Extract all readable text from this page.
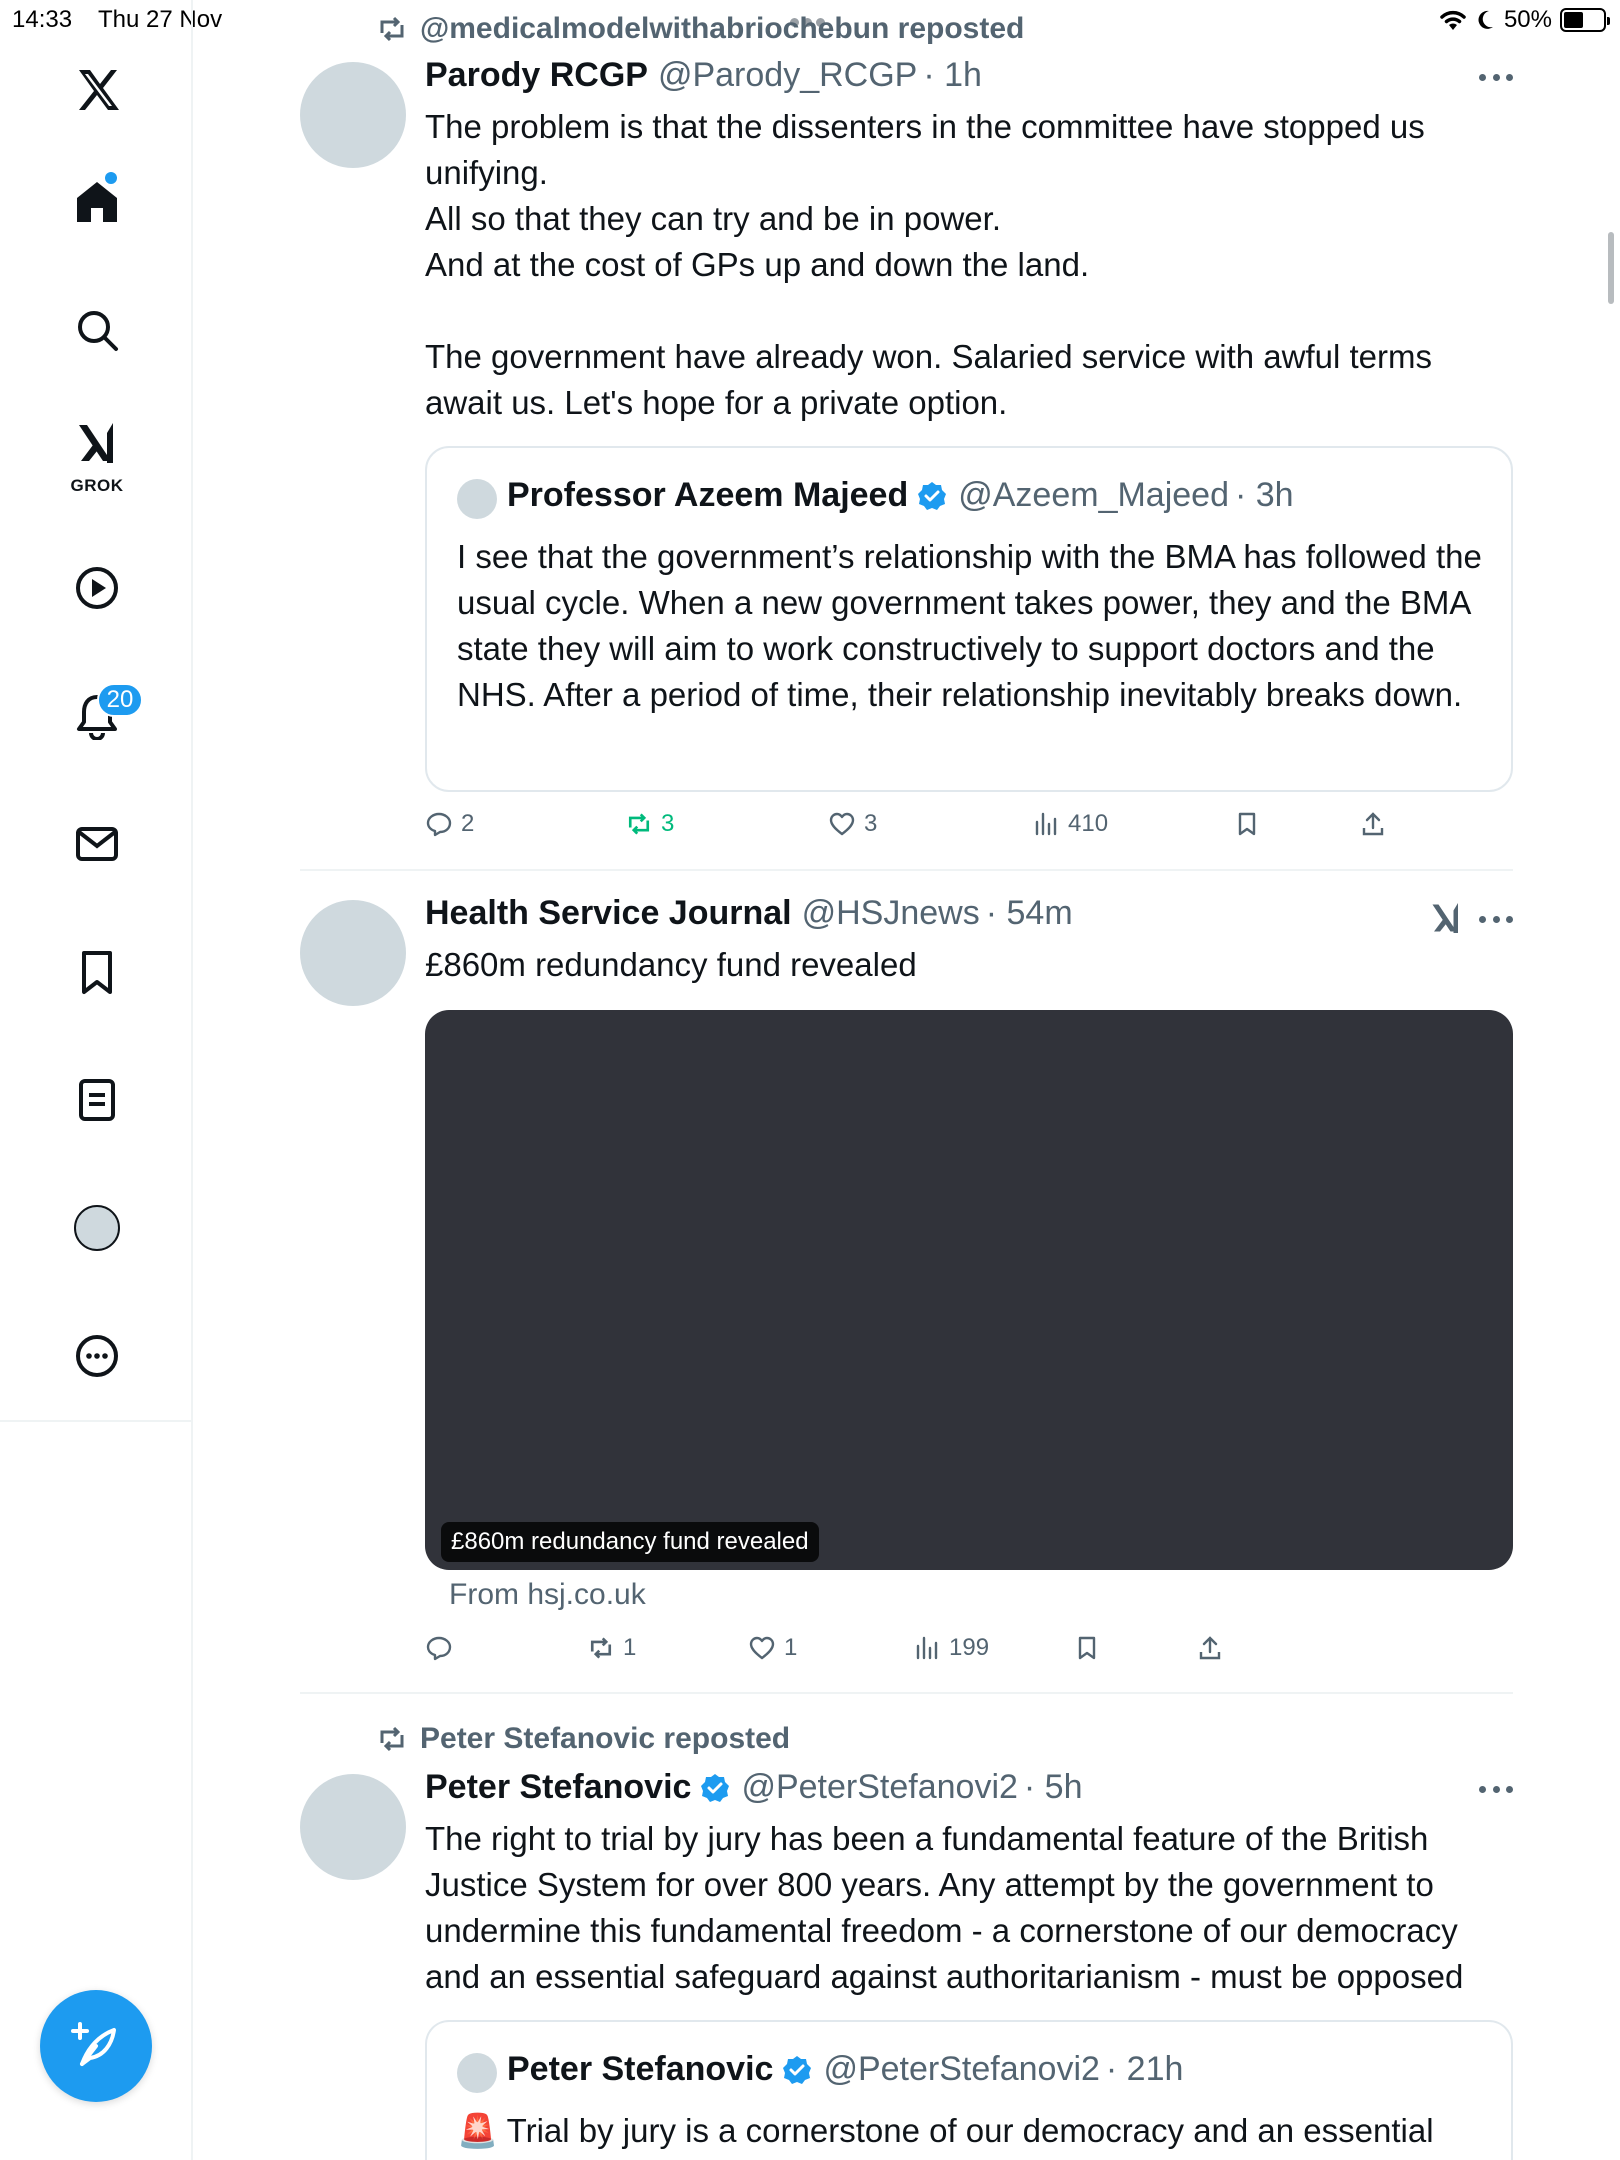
14:33 Thu 27 Nov	50%
GROK
20
@medicalmodelwithabriochebun reposted
Parody RCGP @Parody_RCGP · 1h

The problem is that the dissenters in the committee have stopped us unifying.

All so that they can try and be in power.

And at the cost of GPs up and down the land.

The government have already won. Salaried service with awful terms await us. Let's hope for a private option.

Professor Azeem Majeed @Azeem_Majeed · 3h
I see that the government’s relationship with the BMA has followed the usual cycle. When a new government takes power, they and the BMA state they will aim to work constructively to support doctors and the NHS. After a period of time, their relationship inevitably breaks down.
2	3	3	410
Health Service Journal @HSJnews · 54m
£860m redundancy fund revealed
£860m redundancy fund revealed
From hsj.co.uk
1	1	199
Peter Stefanovic reposted
Peter Stefanovic @PeterStefanovi2 · 5h
The right to trial by jury has been a fundamental feature of the British Justice System for over 800 years. Any attempt by the government to undermine this fundamental freedom - a cornerstone of our democracy and an essential safeguard against authoritarianism - must be opposed
Peter Stefanovic @PeterStefanovi2 · 21h
🚨 Trial by jury is a cornerstone of our democracy and an essential
